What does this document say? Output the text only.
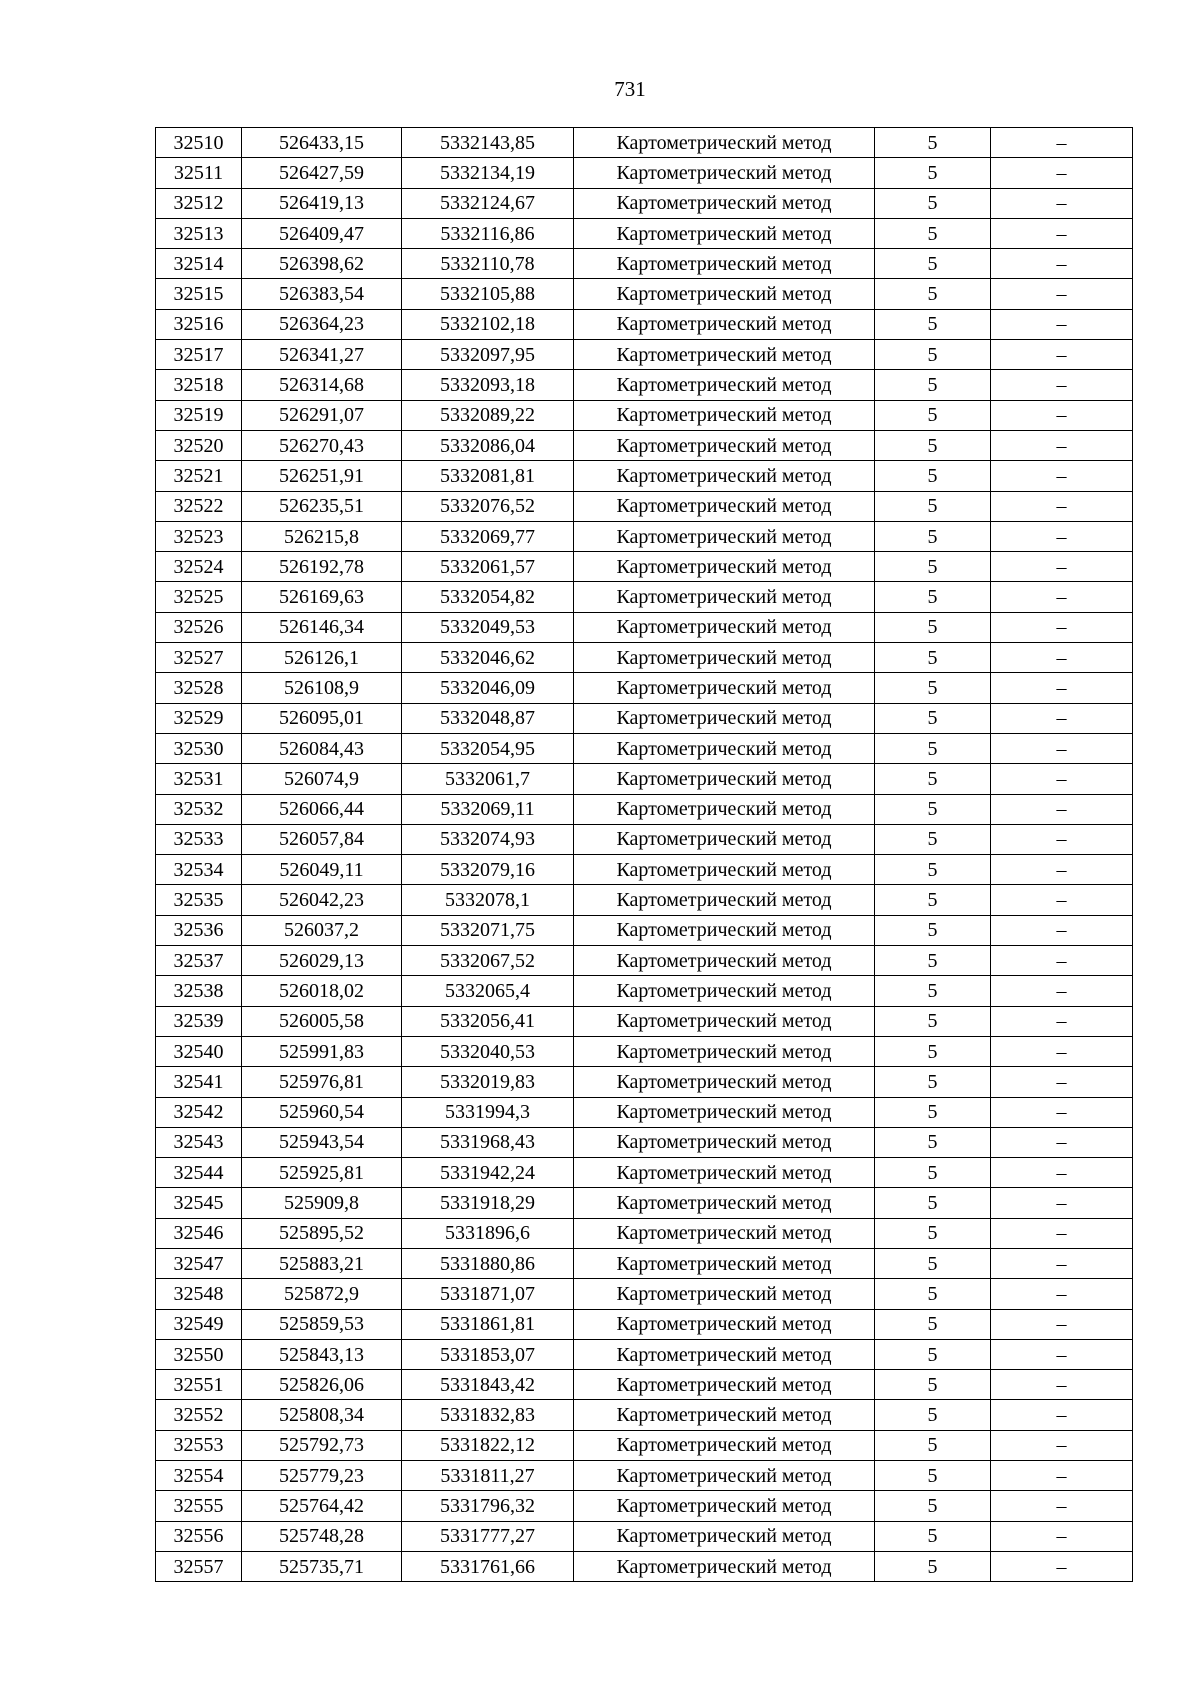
731
32510	526433,15	5332143,85	Картометрический метод	5	–
32511	526427,59	5332134,19	Картометрический метод	5	–
32512	526419,13	5332124,67	Картометрический метод	5	–
32513	526409,47	5332116,86	Картометрический метод	5	–
32514	526398,62	5332110,78	Картометрический метод	5	–
32515	526383,54	5332105,88	Картометрический метод	5	–
32516	526364,23	5332102,18	Картометрический метод	5	–
32517	526341,27	5332097,95	Картометрический метод	5	–
32518	526314,68	5332093,18	Картометрический метод	5	–
32519	526291,07	5332089,22	Картометрический метод	5	–
32520	526270,43	5332086,04	Картометрический метод	5	–
32521	526251,91	5332081,81	Картометрический метод	5	–
32522	526235,51	5332076,52	Картометрический метод	5	–
32523	526215,8	5332069,77	Картометрический метод	5	–
32524	526192,78	5332061,57	Картометрический метод	5	–
32525	526169,63	5332054,82	Картометрический метод	5	–
32526	526146,34	5332049,53	Картометрический метод	5	–
32527	526126,1	5332046,62	Картометрический метод	5	–
32528	526108,9	5332046,09	Картометрический метод	5	–
32529	526095,01	5332048,87	Картометрический метод	5	–
32530	526084,43	5332054,95	Картометрический метод	5	–
32531	526074,9	5332061,7	Картометрический метод	5	–
32532	526066,44	5332069,11	Картометрический метод	5	–
32533	526057,84	5332074,93	Картометрический метод	5	–
32534	526049,11	5332079,16	Картометрический метод	5	–
32535	526042,23	5332078,1	Картометрический метод	5	–
32536	526037,2	5332071,75	Картометрический метод	5	–
32537	526029,13	5332067,52	Картометрический метод	5	–
32538	526018,02	5332065,4	Картометрический метод	5	–
32539	526005,58	5332056,41	Картометрический метод	5	–
32540	525991,83	5332040,53	Картометрический метод	5	–
32541	525976,81	5332019,83	Картометрический метод	5	–
32542	525960,54	5331994,3	Картометрический метод	5	–
32543	525943,54	5331968,43	Картометрический метод	5	–
32544	525925,81	5331942,24	Картометрический метод	5	–
32545	525909,8	5331918,29	Картометрический метод	5	–
32546	525895,52	5331896,6	Картометрический метод	5	–
32547	525883,21	5331880,86	Картометрический метод	5	–
32548	525872,9	5331871,07	Картометрический метод	5	–
32549	525859,53	5331861,81	Картометрический метод	5	–
32550	525843,13	5331853,07	Картометрический метод	5	–
32551	525826,06	5331843,42	Картометрический метод	5	–
32552	525808,34	5331832,83	Картометрический метод	5	–
32553	525792,73	5331822,12	Картометрический метод	5	–
32554	525779,23	5331811,27	Картометрический метод	5	–
32555	525764,42	5331796,32	Картометрический метод	5	–
32556	525748,28	5331777,27	Картометрический метод	5	–
32557	525735,71	5331761,66	Картометрический метод	5	–
